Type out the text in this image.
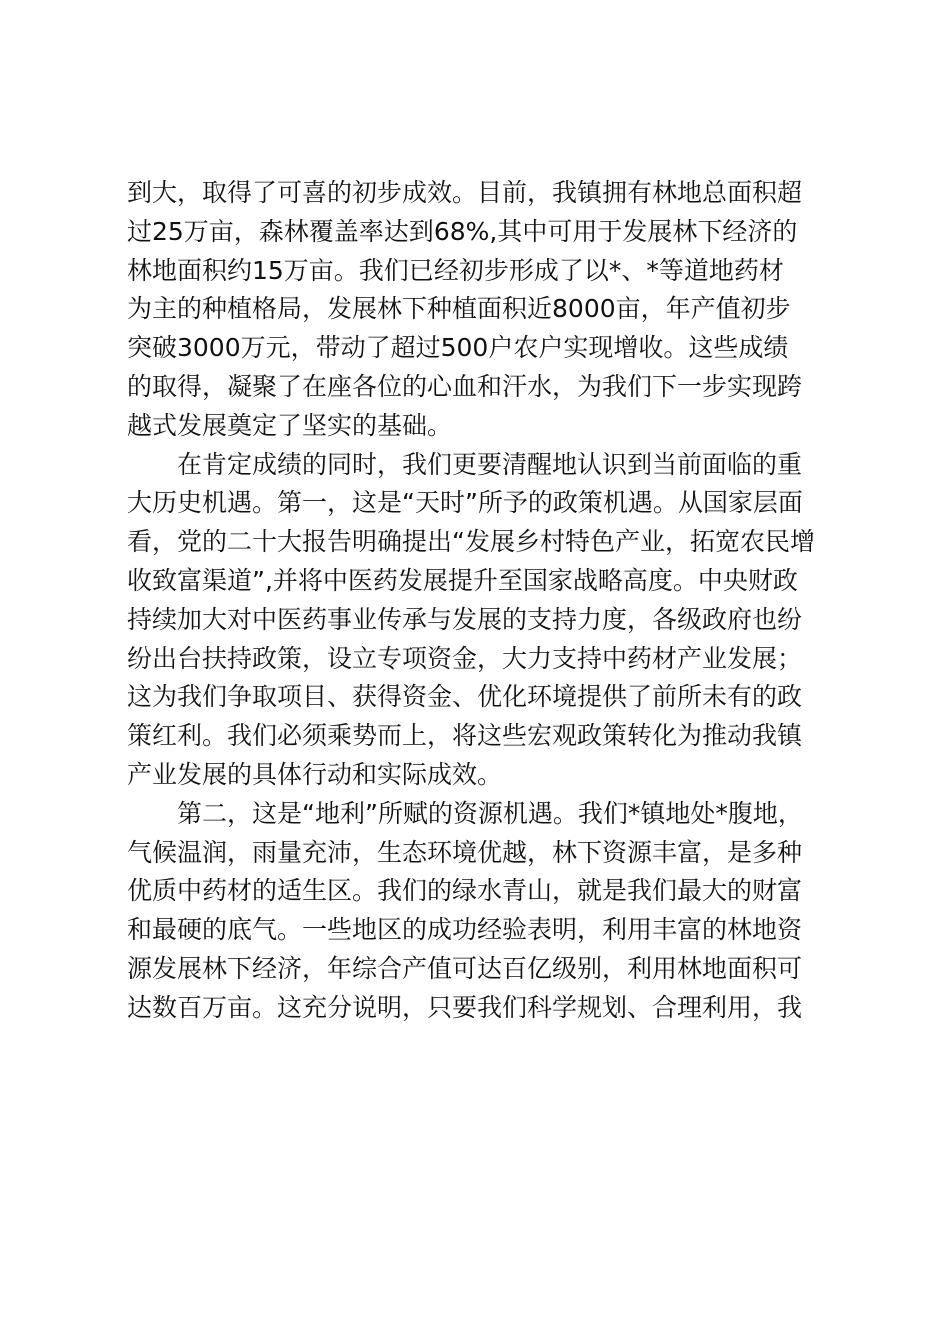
到大，取得了可喜的初步成效。目前，我镇拥有林地总面积超
过25万亩，森林覆盖率达到68%,其中可用于发展林下经济的
林地面积约15万亩。我们已经初步形成了以*、*等道地药材
为主的种植格局，发展林下种植面积近8000亩，年产值初步
突破3000万元，带动了超过500户农户实现增收。这些成绩
的取得，凝聚了在座各位的心血和汗水，为我们下一步实现跨
越式发展奠定了坚实的基础。
　　在肯定成绩的同时，我们更要清醒地认识到当前面临的重
大历史机遇。第一，这是“天时”所予的政策机遇。从国家层面
看，党的二十大报告明确提出“发展乡村特色产业，拓宽农民增
收致富渠道”,并将中医药发展提升至国家战略高度。中央财政
持续加大对中医药事业传承与发展的支持力度，各级政府也纷
纷出台扶持政策，设立专项资金，大力支持中药材产业发展；
这为我们争取项目、获得资金、优化环境提供了前所未有的政
策红利。我们必须乘势而上，将这些宏观政策转化为推动我镇
产业发展的具体行动和实际成效。
　　第二，这是“地利”所赋的资源机遇。我们*镇地处*腹地，
气候温润，雨量充沛，生态环境优越，林下资源丰富，是多种
优质中药材的适生区。我们的绿水青山，就是我们最大的财富
和最硬的底气。一些地区的成功经验表明，利用丰富的林地资
源发展林下经济，年综合产值可达百亿级别，利用林地面积可
达数百万亩。这充分说明，只要我们科学规划、合理利用，我
